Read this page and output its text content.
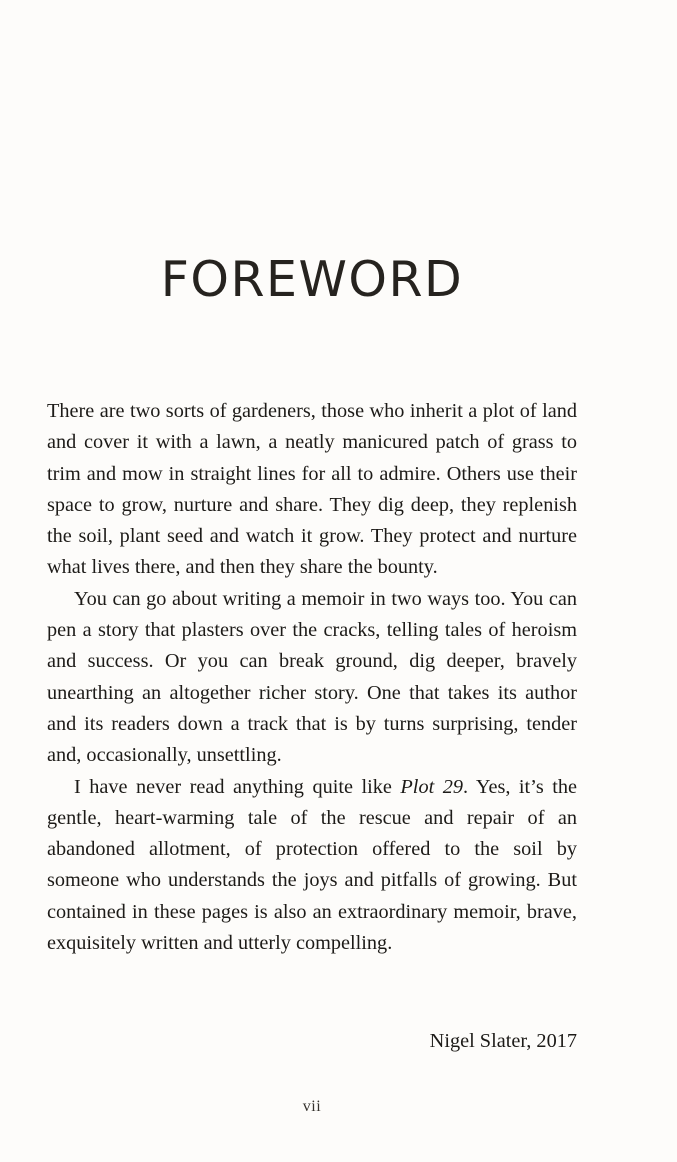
FOREWORD

There are two sorts of gardeners, those who inherit a plot of land and cover it with a lawn, a neatly manicured patch of grass to trim and mow in straight lines for all to admire. Others use their space to grow, nurture and share. They dig deep, they replenish the soil, plant seed and watch it grow. They protect and nurture what lives there, and then they share the bounty.

You can go about writing a memoir in two ways too. You can pen a story that plasters over the cracks, telling tales of heroism and success. Or you can break ground, dig deeper, bravely unearthing an altogether richer story. One that takes its author and its readers down a track that is by turns surprising, tender and, occasionally, unsettling.

I have never read anything quite like Plot 29. Yes, it’s the gentle, heart-warming tale of the rescue and repair of an abandoned allotment, of protection offered to the soil by someone who understands the joys and pitfalls of growing. But contained in these pages is also an extraordinary memoir, brave, exquisitely written and utterly compelling.

Nigel Slater, 2017
vii
